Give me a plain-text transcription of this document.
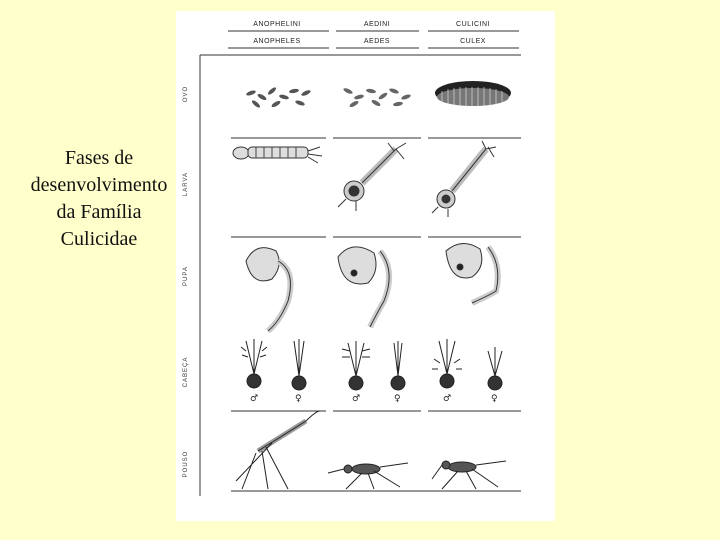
Fases de
desenvolvimento
da Família
Culicidae
ANOPHELINI	AEDINI	CULICINI
ANOPHELES	AEDES	CULEX
OVO
LARVA
PUPA
CABEÇA
POUSO
♂	♀	♂	♀	♂	♀
